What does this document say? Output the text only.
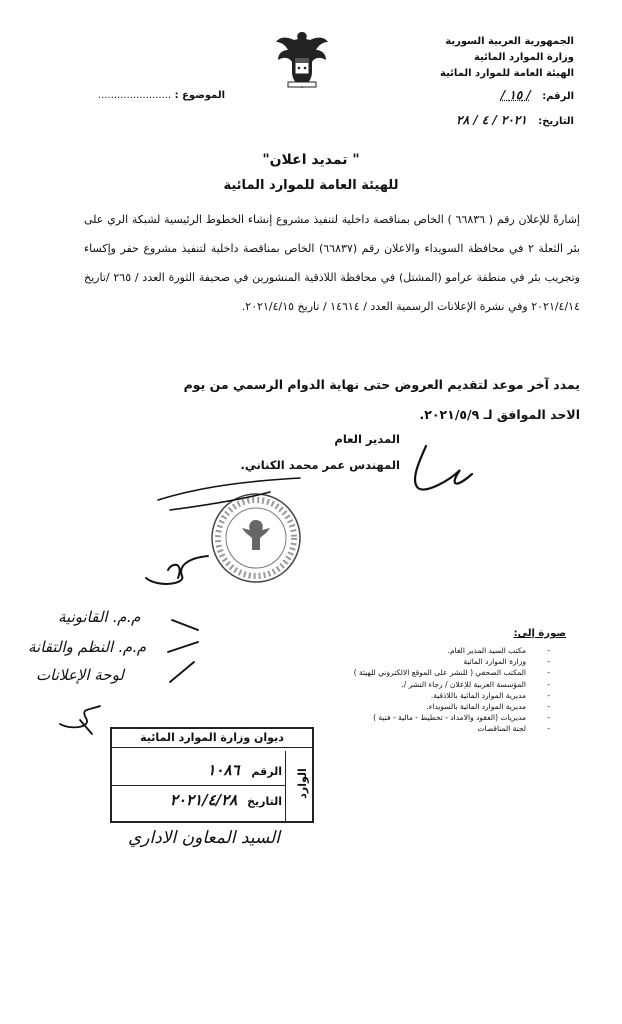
الجمهورية العربية السورية
وزارة الموارد المائية
الهيئة العامة للموارد المائية
الرقم: / ١٥ /
التاريخ: ٢٠٢١ / ٤ / ٢٨
الموضوع : .......................
" تمديد اعلان"
للهيئة العامة للموارد المائية
إشارةً للإعلان رقم ( ٦٦٨٣٦ ) الخاص بمناقصة داخلية لتنفيذ مشروع إنشاء الخطوط الرئيسية لشبكة الري على بئر الثعلة ٢ في محافظة السويداء والاعلان رقم (٦٦٨٣٧) الخاص بمناقصة داخلية لتنفيذ مشروع حفر وإكساء وتجريب بئر في منطقة عرامو (المشتل) في محافظة اللاذقية المنشورين في صحيفة الثورة العدد / ٢٦٥ /تاريخ ٢٠٢١/٤/١٤ وفي نشرة الإعلانات الرسمية العدد / ١٤٦١٤ / تاريخ ٢٠٢١/٤/١٥.
يمدد آخر موعد لتقديم العروض حتى نهاية الدوام الرسمي من يوم
الاحد الموافق لـ ٢٠٢١/٥/٩.
المدير العام
المهندس عمر محمد الكناني.
م.م. القانونية
م.م. النظم والتقانة
لوحة الإعلانات
صورة إلى:
-
مكتب السيد المدير العام.
-
وزارة الموارد المائية
-
المكتب الصحفي ( للنشر على الموقع الالكتروني للهيئة )
-
المؤسسة العربية للإعلان / رجاء النشر /.
-
مديرية الموارد المائية باللاذقية.
-
مديرية الموارد المائية بالسويداء.
-
مديريات (العقود والامداد - تخطيط - مالية - فنية )
-
لجنة المناقصات
ديوان وزارة الموارد المائية
الوارد
الرقم ١٠٨٦
التاريخ ٢٠٢١/٤/٢٨
السيد المعاون الاداري
